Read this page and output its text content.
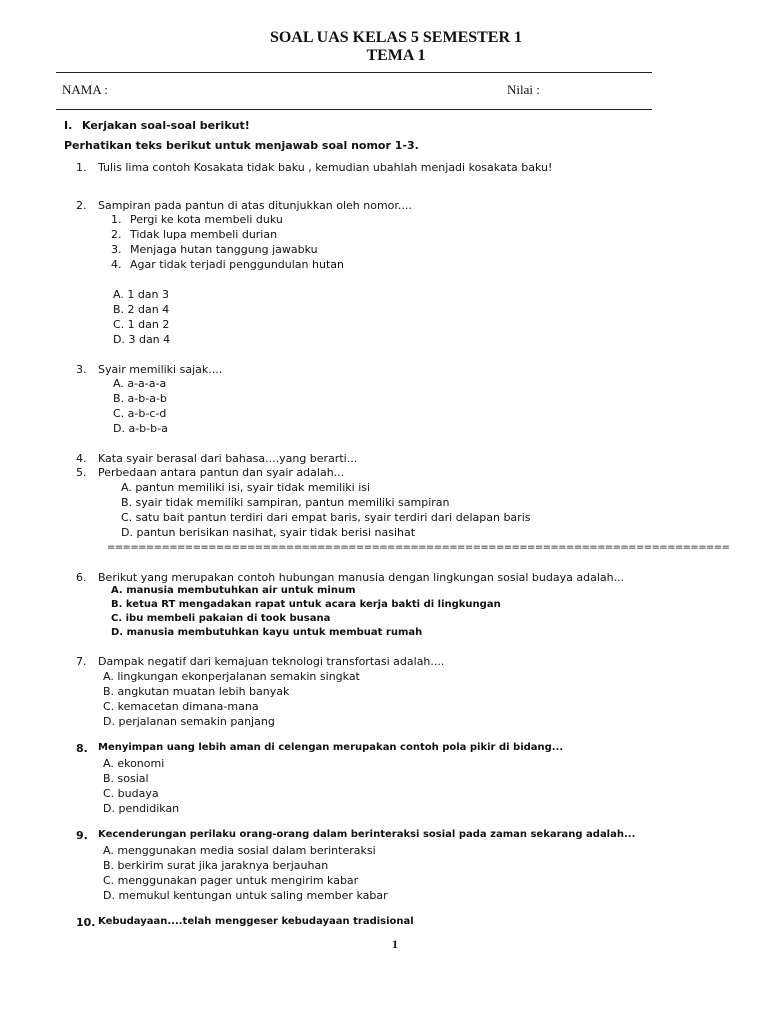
SOAL UAS KELAS 5 SEMESTER 1
TEMA 1
NAMA :	Nilai :
I. Kerjakan soal-soal berikut!
Perhatikan teks berikut untuk menjawab soal nomor 1-3.
1. Tulis lima contoh Kosakata tidak baku , kemudian ubahlah menjadi kosakata baku!
2. Sampiran pada pantun di atas ditunjukkan oleh nomor....
1. Pergi ke kota membeli duku
2. Tidak lupa membeli durian
3. Menjaga hutan tanggung jawabku
4. Agar tidak terjadi penggundulan hutan
A. 1 dan 3
B. 2 dan 4
C. 1 dan 2
D. 3 dan 4
3. Syair memiliki sajak....
A. a-a-a-a
B. a-b-a-b
C. a-b-c-d
D. a-b-b-a
4. Kata syair berasal dari bahasa....yang berarti...
5. Perbedaan antara pantun dan syair adalah...
A. pantun memiliki isi, syair tidak memiliki isi
B. syair tidak memiliki sampiran, pantun memiliki sampiran
C. satu bait pantun terdiri dari empat baris, syair terdiri dari delapan baris
D. pantun berisikan nasihat, syair tidak berisi nasihat
================================================================================
6. Berikut yang merupakan contoh hubungan manusia dengan lingkungan sosial budaya adalah...
A. manusia membutuhkan air untuk minum
B. ketua RT mengadakan rapat untuk acara kerja bakti di lingkungan
C. ibu membeli pakaian di took busana
D. manusia membutuhkan kayu untuk membuat rumah
7. Dampak negatif dari kemajuan teknologi transfortasi adalah....
A. lingkungan ekonperjalanan semakin singkat
B. angkutan muatan lebih banyak
C. kemacetan dimana-mana
D. perjalanan semakin panjang
8. Menyimpan uang lebih aman di celengan merupakan contoh pola pikir di bidang...
A. ekonomi
B. sosial
C. budaya
D. pendidikan
9. Kecenderungan perilaku orang-orang dalam berinteraksi sosial pada zaman sekarang adalah...
A. menggunakan media sosial dalam berinteraksi
B. berkirim surat jika jaraknya berjauhan
C. menggunakan pager untuk mengirim kabar
D. memukul kentungan untuk saling member kabar
10. Kebudayaan....telah menggeser kebudayaan tradisional
1
